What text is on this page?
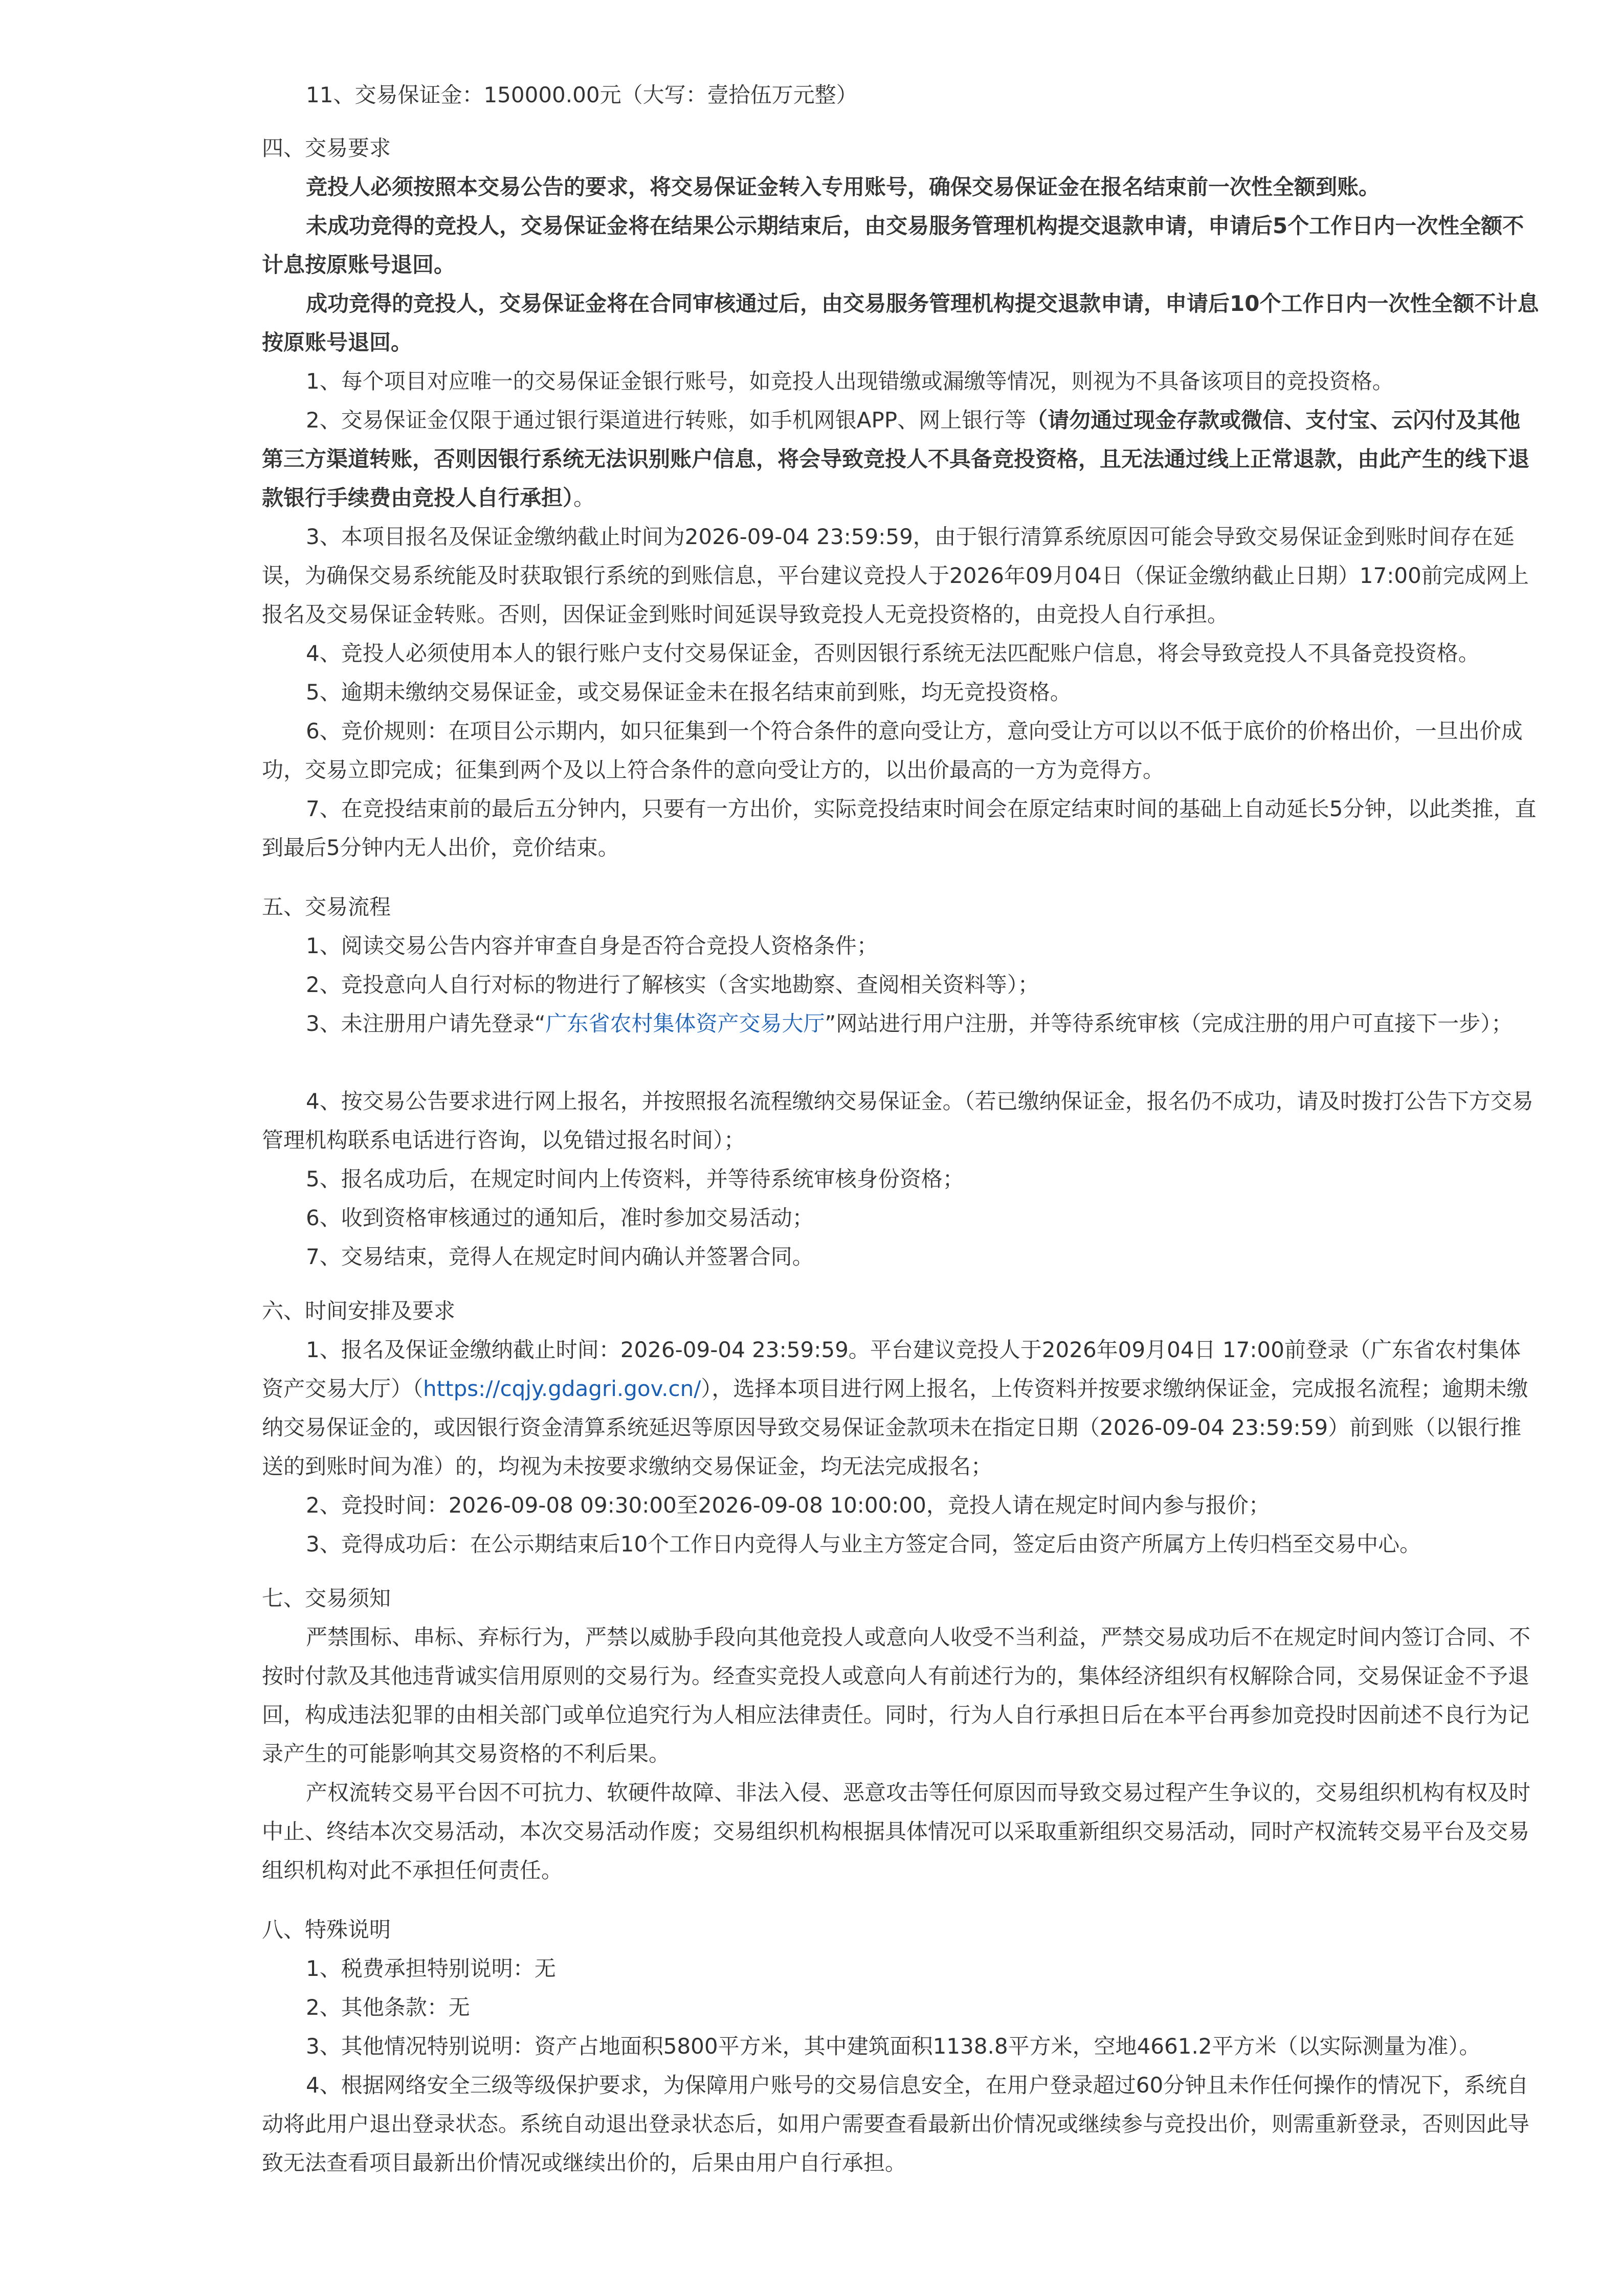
11、交易保证金：150000.00元（大写：壹拾伍万元整）
四、交易要求
竞投人必须按照本交易公告的要求，将交易保证金转入专用账号，确保交易保证金在报名结束前一次性全额到账。
未成功竞得的竞投人，交易保证金将在结果公示期结束后，由交易服务管理机构提交退款申请，申请后5个工作日内一次性全额不计息按原账号退回。
成功竞得的竞投人，交易保证金将在合同审核通过后，由交易服务管理机构提交退款申请，申请后10个工作日内一次性全额不计息按原账号退回。
1、每个项目对应唯一的交易保证金银行账号，如竞投人出现错缴或漏缴等情况，则视为不具备该项目的竞投资格。
2、交易保证金仅限于通过银行渠道进行转账，如手机网银APP、网上银行等（请勿通过现金存款或微信、支付宝、云闪付及其他第三方渠道转账，否则因银行系统无法识别账户信息，将会导致竞投人不具备竞投资格，且无法通过线上正常退款，由此产生的线下退款银行手续费由竞投人自行承担）。
3、本项目报名及保证金缴纳截止时间为2026-09-04 23:59:59，由于银行清算系统原因可能会导致交易保证金到账时间存在延误，为确保交易系统能及时获取银行系统的到账信息，平台建议竞投人于2026年09月04日（保证金缴纳截止日期）17:00前完成网上报名及交易保证金转账。否则，因保证金到账时间延误导致竞投人无竞投资格的，由竞投人自行承担。
4、竞投人必须使用本人的银行账户支付交易保证金，否则因银行系统无法匹配账户信息，将会导致竞投人不具备竞投资格。
5、逾期未缴纳交易保证金，或交易保证金未在报名结束前到账，均无竞投资格。
6、竞价规则：在项目公示期内，如只征集到一个符合条件的意向受让方，意向受让方可以以不低于底价的价格出价，一旦出价成功，交易立即完成；征集到两个及以上符合条件的意向受让方的，以出价最高的一方为竞得方。
7、在竞投结束前的最后五分钟内，只要有一方出价，实际竞投结束时间会在原定结束时间的基础上自动延长5分钟，以此类推，直到最后5分钟内无人出价，竞价结束。
五、交易流程
1、阅读交易公告内容并审查自身是否符合竞投人资格条件；
2、竞投意向人自行对标的物进行了解核实（含实地勘察、查阅相关资料等）；
3、未注册用户请先登录“广东省农村集体资产交易大厅”网站进行用户注册，并等待系统审核（完成注册的用户可直接下一步）；
4、按交易公告要求进行网上报名，并按照报名流程缴纳交易保证金。（若已缴纳保证金，报名仍不成功，请及时拨打公告下方交易管理机构联系电话进行咨询，以免错过报名时间）；
5、报名成功后，在规定时间内上传资料，并等待系统审核身份资格；
6、收到资格审核通过的通知后，准时参加交易活动；
7、交易结束，竞得人在规定时间内确认并签署合同。
六、时间安排及要求
1、报名及保证金缴纳截止时间：2026-09-04 23:59:59。平台建议竞投人于2026年09月04日 17:00前登录（广东省农村集体资产交易大厅）（https://cqjy.gdagri.gov.cn/），选择本项目进行网上报名，上传资料并按要求缴纳保证金，完成报名流程；逾期未缴纳交易保证金的，或因银行资金清算系统延迟等原因导致交易保证金款项未在指定日期（2026-09-04 23:59:59）前到账（以银行推送的到账时间为准）的，均视为未按要求缴纳交易保证金，均无法完成报名；
2、竞投时间：2026-09-08 09:30:00至2026-09-08 10:00:00，竞投人请在规定时间内参与报价；
3、竞得成功后：在公示期结束后10个工作日内竞得人与业主方签定合同，签定后由资产所属方上传归档至交易中心。
七、交易须知
严禁围标、串标、弃标行为，严禁以威胁手段向其他竞投人或意向人收受不当利益，严禁交易成功后不在规定时间内签订合同、不按时付款及其他违背诚实信用原则的交易行为。经查实竞投人或意向人有前述行为的，集体经济组织有权解除合同，交易保证金不予退回，构成违法犯罪的由相关部门或单位追究行为人相应法律责任。同时，行为人自行承担日后在本平台再参加竞投时因前述不良行为记录产生的可能影响其交易资格的不利后果。
产权流转交易平台因不可抗力、软硬件故障、非法入侵、恶意攻击等任何原因而导致交易过程产生争议的，交易组织机构有权及时中止、终结本次交易活动，本次交易活动作废；交易组织机构根据具体情况可以采取重新组织交易活动，同时产权流转交易平台及交易组织机构对此不承担任何责任。
八、特殊说明
1、税费承担特别说明：无
2、其他条款：无
3、其他情况特别说明：资产占地面积5800平方米，其中建筑面积1138.8平方米，空地4661.2平方米（以实际测量为准）。
4、根据网络安全三级等级保护要求，为保障用户账号的交易信息安全，在用户登录超过60分钟且未作任何操作的情况下，系统自动将此用户退出登录状态。系统自动退出登录状态后，如用户需要查看最新出价情况或继续参与竞投出价，则需重新登录，否则因此导致无法查看项目最新出价情况或继续出价的，后果由用户自行承担。
